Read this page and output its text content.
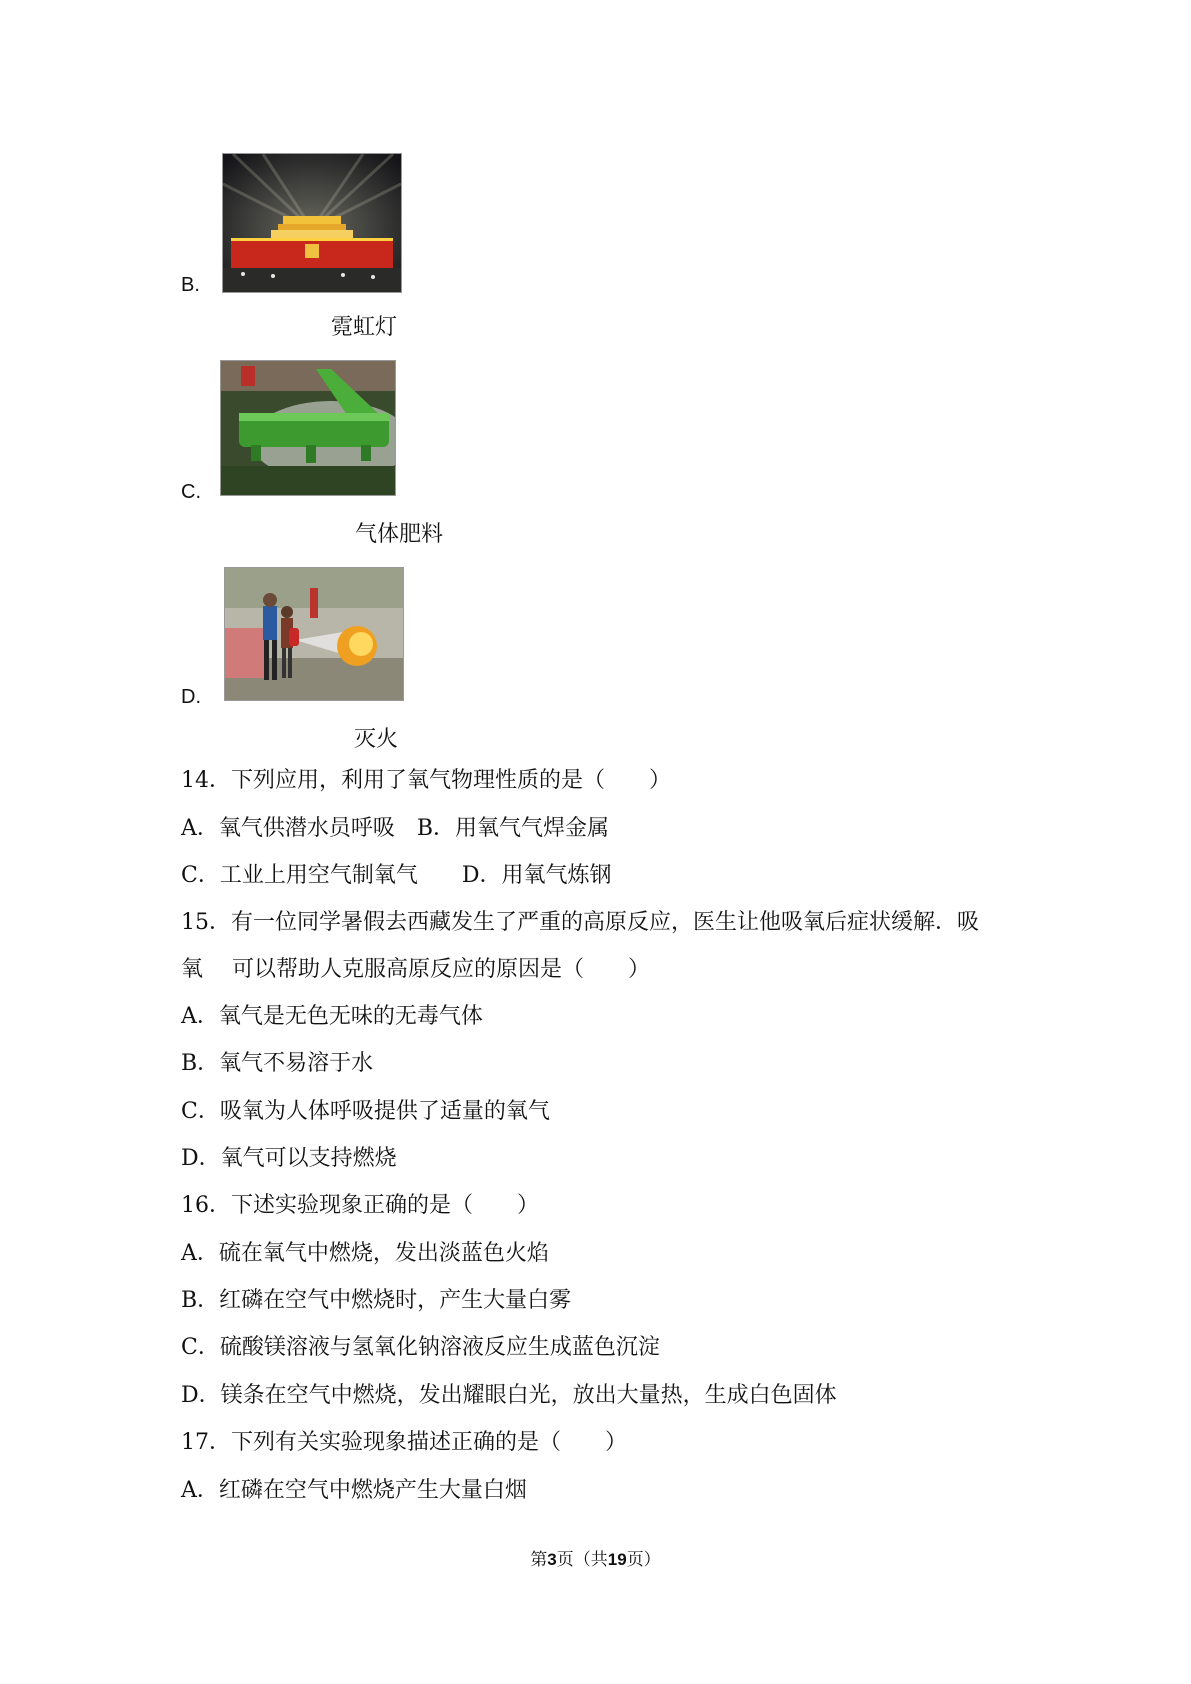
B.
霓虹灯
C.
气体肥料
D.
灭火
14．下列应用，利用了氧气物理性质的是（　　）
A．氧气供潜水员呼吸　B．用氧气气焊金属
C．工业上用空气制氧气　　D．用氧气炼钢
15．有一位同学暑假去西藏发生了严重的高原反应，医生让他吸氧后症状缓解．吸
氧　 可以帮助人克服高原反应的原因是（　　）
A．氧气是无色无味的无毒气体
B．氧气不易溶于水
C．吸氧为人体呼吸提供了适量的氧气
D．氧气可以支持燃烧
16．下述实验现象正确的是（　　）
A．硫在氧气中燃烧，发出淡蓝色火焰
B．红磷在空气中燃烧时，产生大量白雾
C．硫酸镁溶液与氢氧化钠溶液反应生成蓝色沉淀
D．镁条在空气中燃烧，发出耀眼白光，放出大量热，生成白色固体
17．下列有关实验现象描述正确的是（　　）
A．红磷在空气中燃烧产生大量白烟
第3页（共19页）
